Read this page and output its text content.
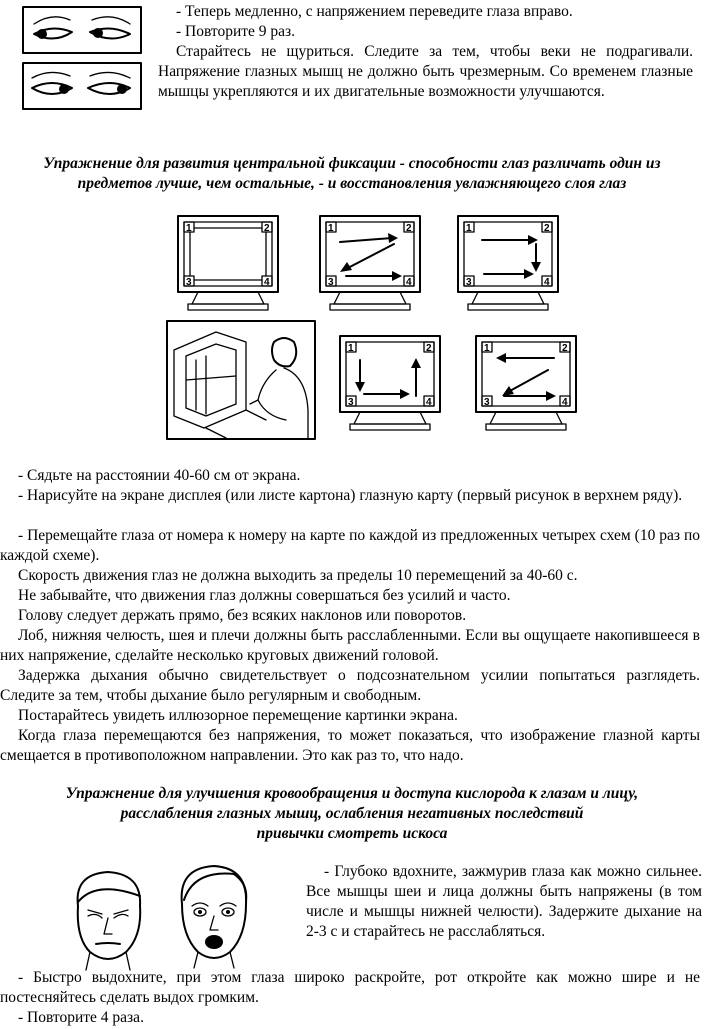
- Теперь медленно, с напряжением переведите глаза вправо.

- Повторите 9 раз.

Старайтесь не щуриться. Следите за тем, чтобы веки не подрагивали. Напряжение глазных мышц не должно быть чрезмерным. Со временем глазные мышцы укрепляются и их двигательные возможности улучшаются.

Упражнение для развития центральной фиксации - способности глаз различать один из

предметов лучше, чем остальные, - и восстановления увлажняющего слоя глаз

1	2
3	4
1	2
3	4
1	2
3	4
1	2
3	4
1	2
3	4

- Сядьте на расстоянии 40-60 см от экрана.

- Нарисуйте на экране дисплея (или листе картона) глазную карту (первый рисунок в верхнем ряду).

- Перемещайте глаза от номера к номеру на карте по каждой из предложенных четырех схем (10 раз по каждой схеме).

Скорость движения глаз не должна выходить за пределы 10 перемещений за 40-60 с.

Не забывайте, что движения глаз должны совершаться без усилий и часто.

Голову следует держать прямо, без всяких наклонов или поворотов.

Лоб, нижняя челюсть, шея и плечи должны быть расслабленными. Если вы ощущаете накопившееся в них напряжение, сделайте несколько круговых движений головой.

Задержка дыхания обычно свидетельствует о подсознательном усилии попытаться разглядеть. Следите за тем, чтобы дыхание было регулярным и свободным.

Постарайтесь увидеть иллюзорное перемещение картинки экрана.

Когда глаза перемещаются без напряжения, то может показаться, что изображение глазной карты смещается в противоположном направлении. Это как раз то, что надо.

Упражнение для улучшения кровообращения и доступа кислорода к глазам и лицу,

расслабления глазных мышц, ослабления негативных последствий

привычки смотреть искоса

- Глубоко вдохните, зажмурив глаза как можно сильнее. Все мышцы шеи и лица должны быть напряжены (в том числе и мышцы нижней челюсти). Задержите дыхание на 2-3 с и старайтесь не расслабляться.

- Быстро выдохните, при этом глаза широко раскройте, рот откройте как можно шире и не постесняйтесь сделать выдох громким.

- Повторите 4 раза.
